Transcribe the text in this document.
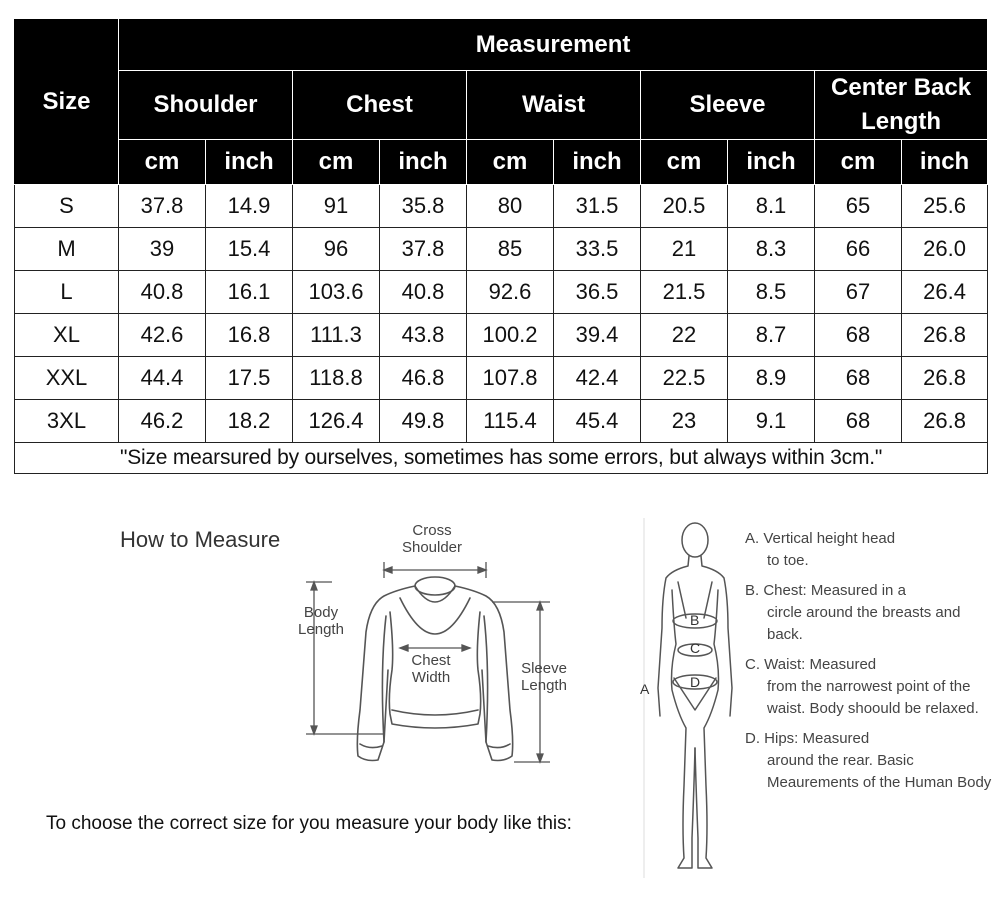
Size	Measurement									
	Shoulder		Chest		Waist		Sleeve		Center Back Length	
	cm	inch	cm	inch	cm	inch	cm	inch	cm	inch
S	37.8	14.9	91	35.8	80	31.5	20.5	8.1	65	25.6
M	39	15.4	96	37.8	85	33.5	21	8.3	66	26.0
L	40.8	16.1	103.6	40.8	92.6	36.5	21.5	8.5	67	26.4
XL	42.6	16.8	111.3	43.8	100.2	39.4	22	8.7	68	26.8
XXL	44.4	17.5	118.8	46.8	107.8	42.4	22.5	8.9	68	26.8
3XL	46.2	18.2	126.4	49.8	115.4	45.4	23	9.1	68	26.8
"Size mearsured by ourselves, sometimes has some errors, but always within 3cm."										
How to Measure	Cross
Shoulder
Body
Length
Chest
Width
Sleeve
Length
To choose the correct size for you measure your body like this:
A
B
C
D

A. Vertical height head
to toe.

B. Chest: Measured in a
circle around the breasts and back.

C. Waist: Measured
from the narrowest point of the waist. Body shoould be relaxed.

D. Hips: Measured
around the rear. Basic Meaurements of the Human Body
